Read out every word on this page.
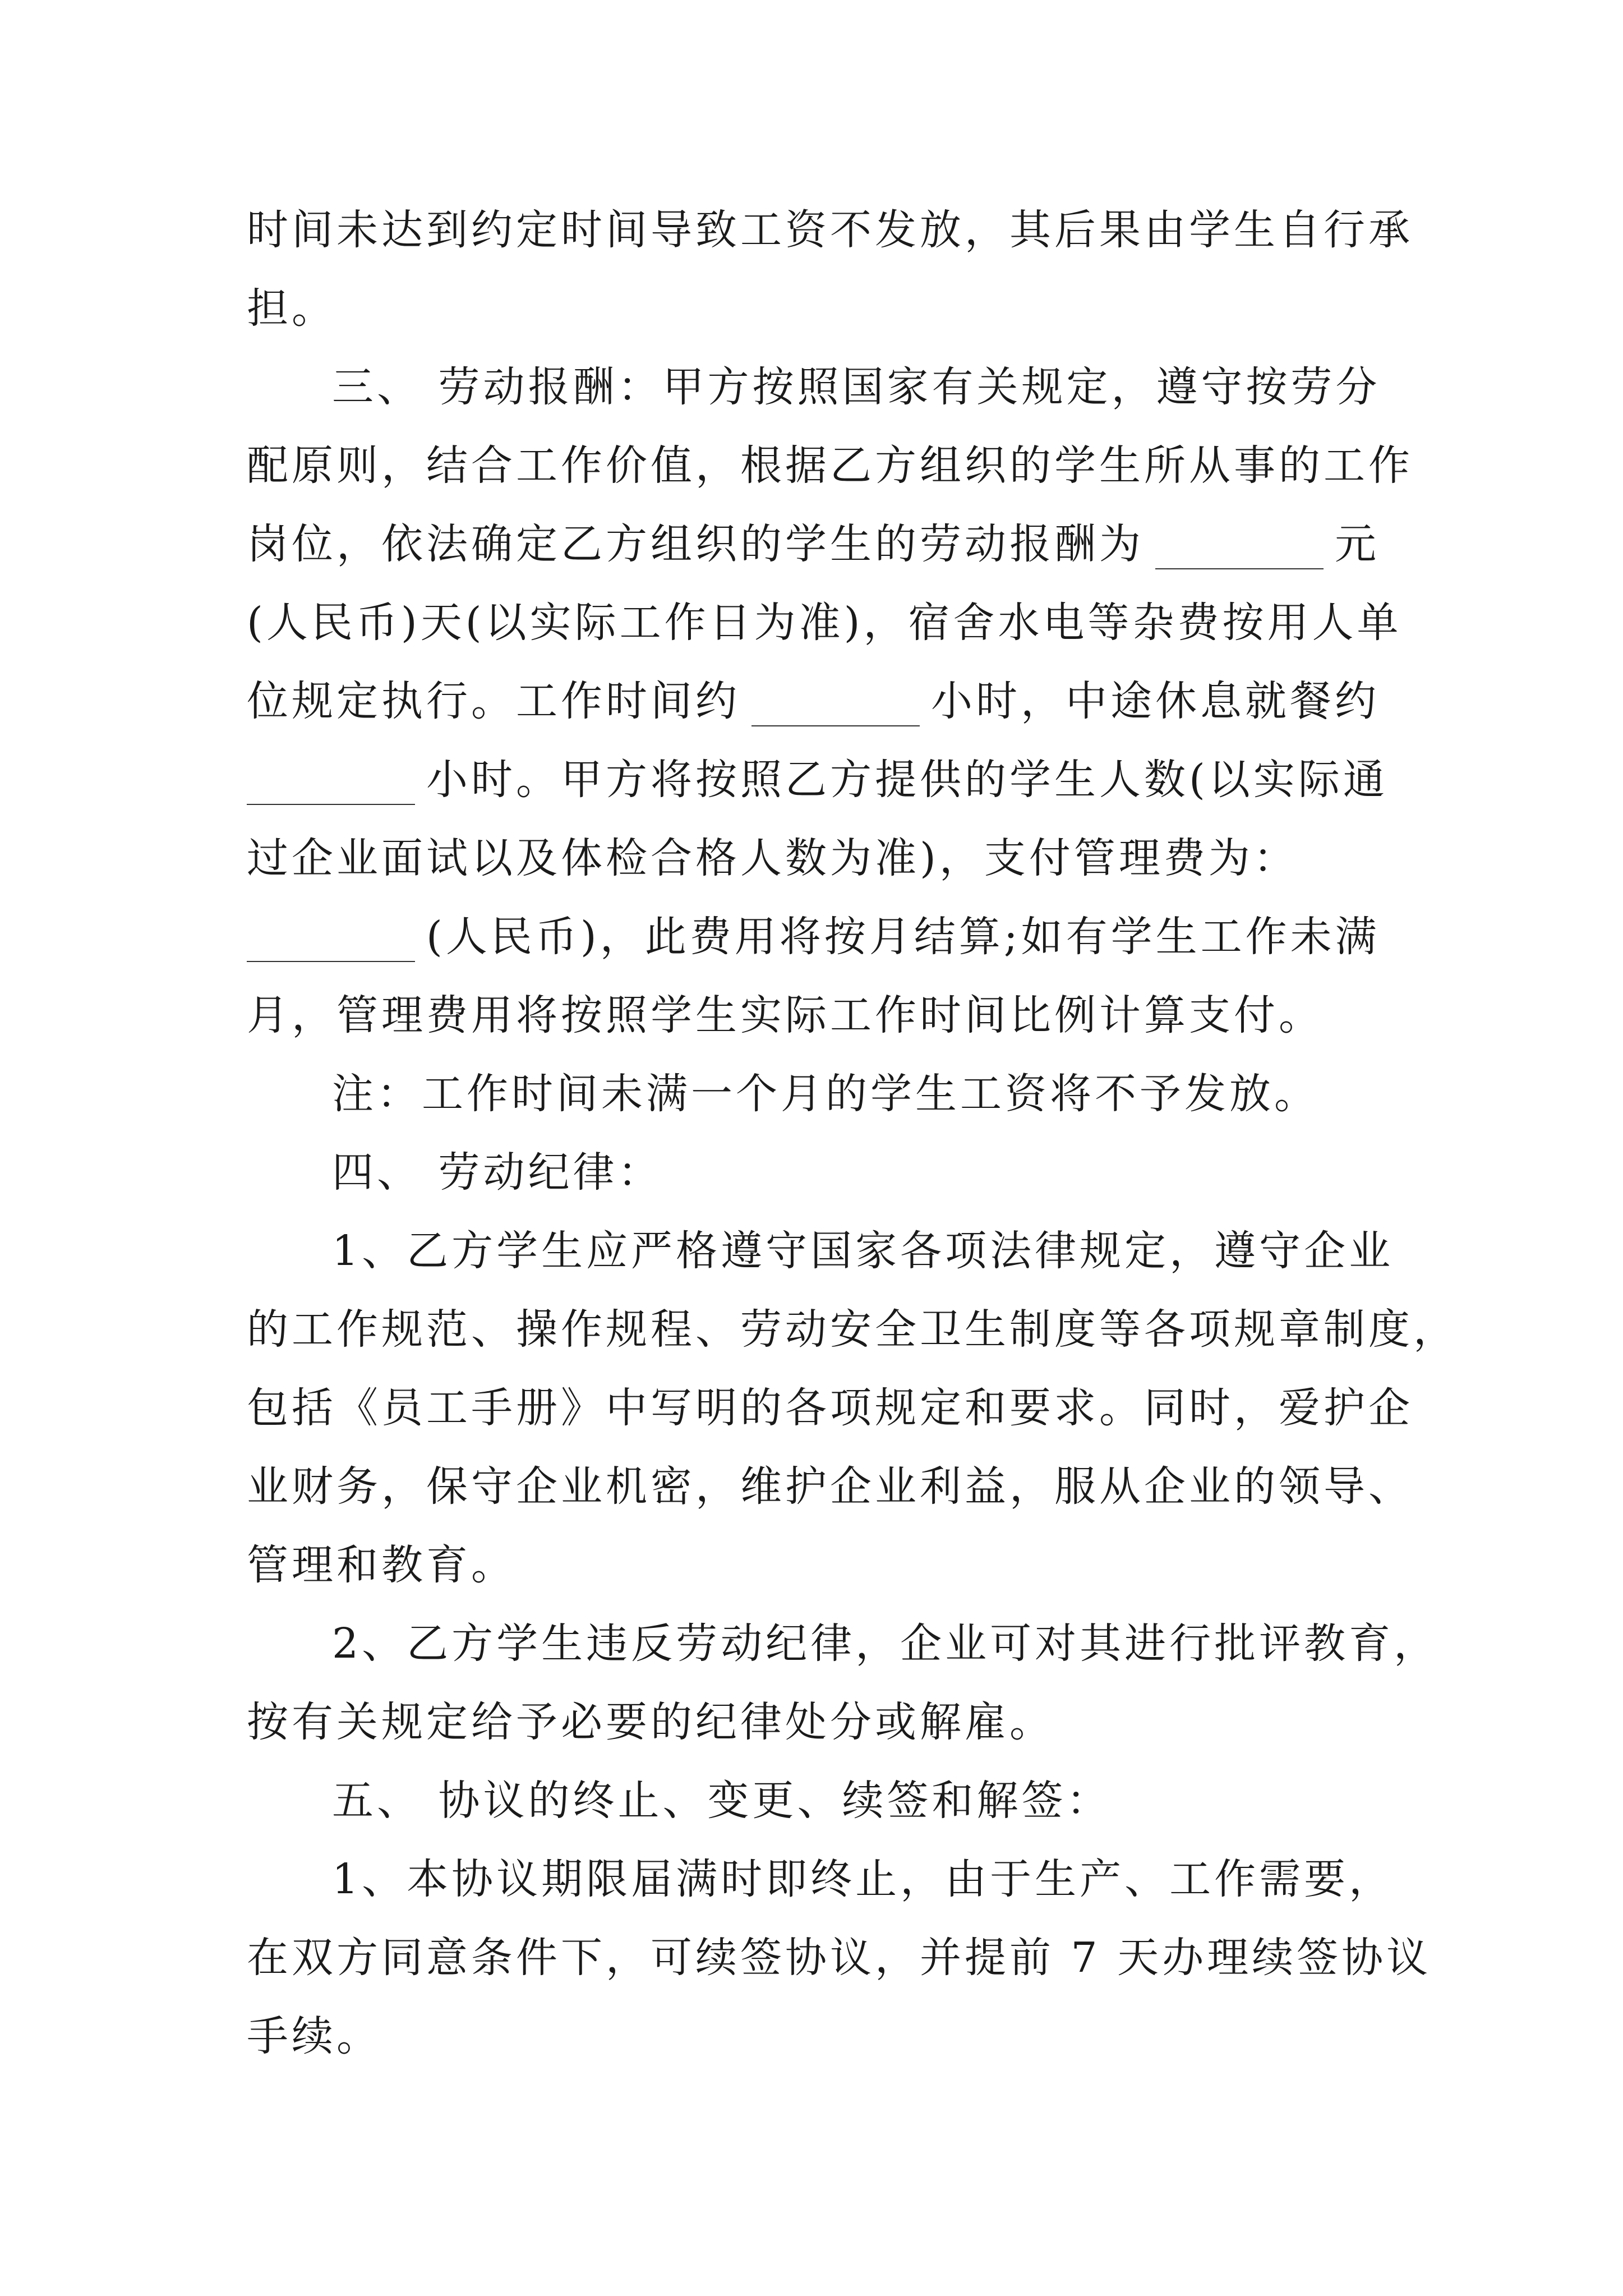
时间未达到约定时间导致工资不发放，其后果由学生自行承
担。
三、 劳动报酬：甲方按照国家有关规定，遵守按劳分
配原则，结合工作价值，根据乙方组织的学生所从事的工作
岗位，依法确定乙方组织的学生的劳动报酬为	元
(人民币)天(以实际工作日为准)，宿舍水电等杂费按用人单
位规定执行。工作时间约	小时，中途休息就餐约
小时。甲方将按照乙方提供的学生人数(以实际通
过企业面试以及体检合格人数为准)，支付管理费为：
(人民币)，此费用将按月结算;如有学生工作未满
月，管理费用将按照学生实际工作时间比例计算支付。
注：工作时间未满一个月的学生工资将不予发放。
四、 劳动纪律：
1、乙方学生应严格遵守国家各项法律规定，遵守企业
的工作规范、操作规程、劳动安全卫生制度等各项规章制度，
包括《员工手册》中写明的各项规定和要求。同时，爱护企
业财务，保守企业机密，维护企业利益，服从企业的领导、
管理和教育。
2、乙方学生违反劳动纪律，企业可对其进行批评教育，
按有关规定给予必要的纪律处分或解雇。
五、 协议的终止、变更、续签和解签：
1、本协议期限届满时即终止，由于生产、工作需要，
在双方同意条件下，可续签协议，并提前 7 天办理续签协议
手续。
